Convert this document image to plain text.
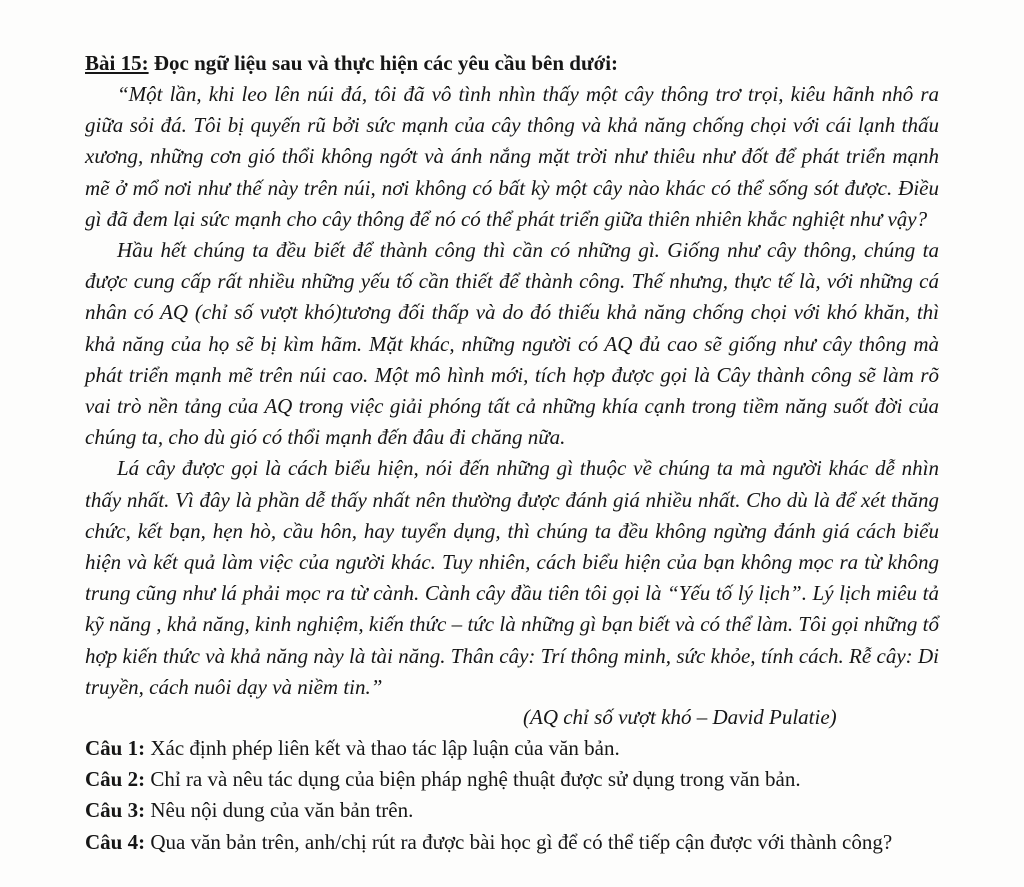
Bài 15: Đọc ngữ liệu sau và thực hiện các yêu cầu bên dưới:

“Một lần, khi leo lên núi đá, tôi đã vô tình nhìn thấy một cây thông trơ trọi, kiêu hãnh nhô ra giữa sỏi đá. Tôi bị quyến rũ bởi sức mạnh của cây thông và khả năng chống chọi với cái lạnh thấu xương, những cơn gió thổi không ngớt và ánh nắng mặt trời như thiêu như đốt để phát triển mạnh mẽ ở mổ nơi như thế này trên núi, nơi không có bất kỳ một cây nào khác có thể sống sót được. Điều gì đã đem lại sức mạnh cho cây thông để nó có thể phát triển giữa thiên nhiên khắc nghiệt như vậy?

Hầu hết chúng ta đều biết để thành công thì cần có những gì. Giống như cây thông, chúng ta được cung cấp rất nhiều những yếu tố cần thiết để thành công. Thế nhưng, thực tế là, với những cá nhân có AQ (chỉ số vượt khó)tương đối thấp và do đó thiếu khả năng chống chọi với khó khăn, thì khả năng của họ sẽ bị kìm hãm. Mặt khác, những người có AQ đủ cao sẽ giống như cây thông mà phát triển mạnh mẽ trên núi cao. Một mô hình mới, tích hợp được gọi là Cây thành công sẽ làm rõ vai trò nền tảng của AQ trong việc giải phóng tất cả những khía cạnh trong tiềm năng suốt đời của chúng ta, cho dù gió có thổi mạnh đến đâu đi chăng nữa.

Lá cây được gọi là cách biểu hiện, nói đến những gì thuộc về chúng ta mà người khác dễ nhìn thấy nhất. Vì đây là phần dễ thấy nhất nên thường được đánh giá nhiều nhất. Cho dù là để xét thăng chức, kết bạn, hẹn hò, cầu hôn, hay tuyển dụng, thì chúng ta đều không ngừng đánh giá cách biểu hiện và kết quả làm việc của người khác. Tuy nhiên, cách biểu hiện của bạn không mọc ra từ không trung cũng như lá phải mọc ra từ cành. Cành cây đầu tiên tôi gọi là “Yếu tố lý lịch”. Lý lịch miêu tả kỹ năng , khả năng, kinh nghiệm, kiến thức – tức là những gì bạn biết và có thể làm. Tôi gọi những tổ hợp kiến thức và khả năng này là tài năng. Thân cây: Trí thông minh, sức khỏe, tính cách. Rễ cây: Di truyền, cách nuôi dạy và niềm tin.”

(AQ chỉ số vượt khó – David Pulatie)

Câu 1: Xác định phép liên kết và thao tác lập luận của văn bản.

Câu 2: Chỉ ra và nêu tác dụng của biện pháp nghệ thuật được sử dụng trong văn bản.

Câu 3: Nêu nội dung của văn bản trên.

Câu 4: Qua văn bản trên, anh/chị rút ra được bài học gì để có thể tiếp cận được với thành công?
